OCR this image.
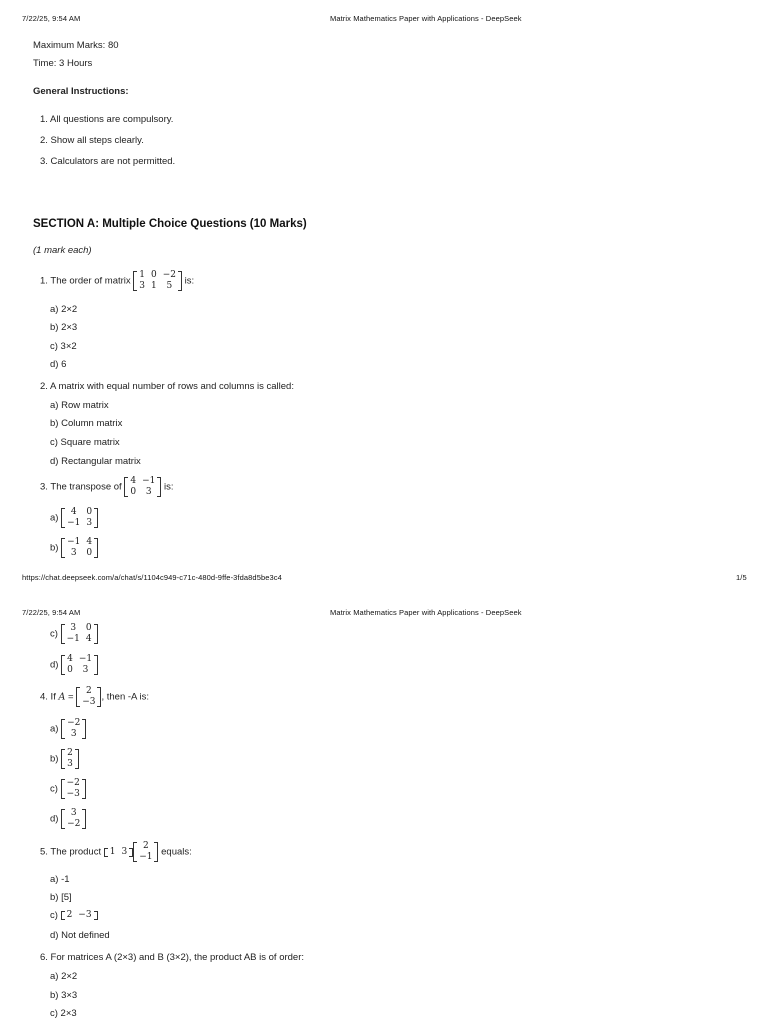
7/22/25, 9:54 AM	Matrix Mathematics Paper with Applications - DeepSeek
Maximum Marks: 80
Time: 3 Hours
General Instructions:
1. All questions are compulsory.
2. Show all steps clearly.
3. Calculators are not permitted.
SECTION A: Multiple Choice Questions (10 Marks)
(1 mark each)
1. The order of matrix
1	0	−2
3	1	5 is:
a) 2×2
b) 2×3
c) 3×2
d) 6
2. A matrix with equal number of rows and columns is called:
a) Row matrix
b) Column matrix
c) Square matrix
d) Rectangular matrix
3. The transpose of
4	−1
0	3 is:
a)
4	0
−1	3
b)
−1	4
3	0
https://chat.deepseek.com/a/chat/s/1104c949-c71c-480d-9ffe-3fda8d5be3c4	1/5
7/22/25, 9:54 AM	Matrix Mathematics Paper with Applications - DeepSeek
c)
3	0
−1	4
d)
4	−1
0	3
4. If A =
2
−3 , then -A is:
a)
−2
3
b)
2
3
c)
−2
−3
d)
3
−2
5. The product 1	3
2
−1 equals:
a) -1
b) [5]
c) 2	−3
d) Not defined
6. For matrices A (2×3) and B (3×2), the product AB is of order:
a) 2×2
b) 3×3
c) 2×3
